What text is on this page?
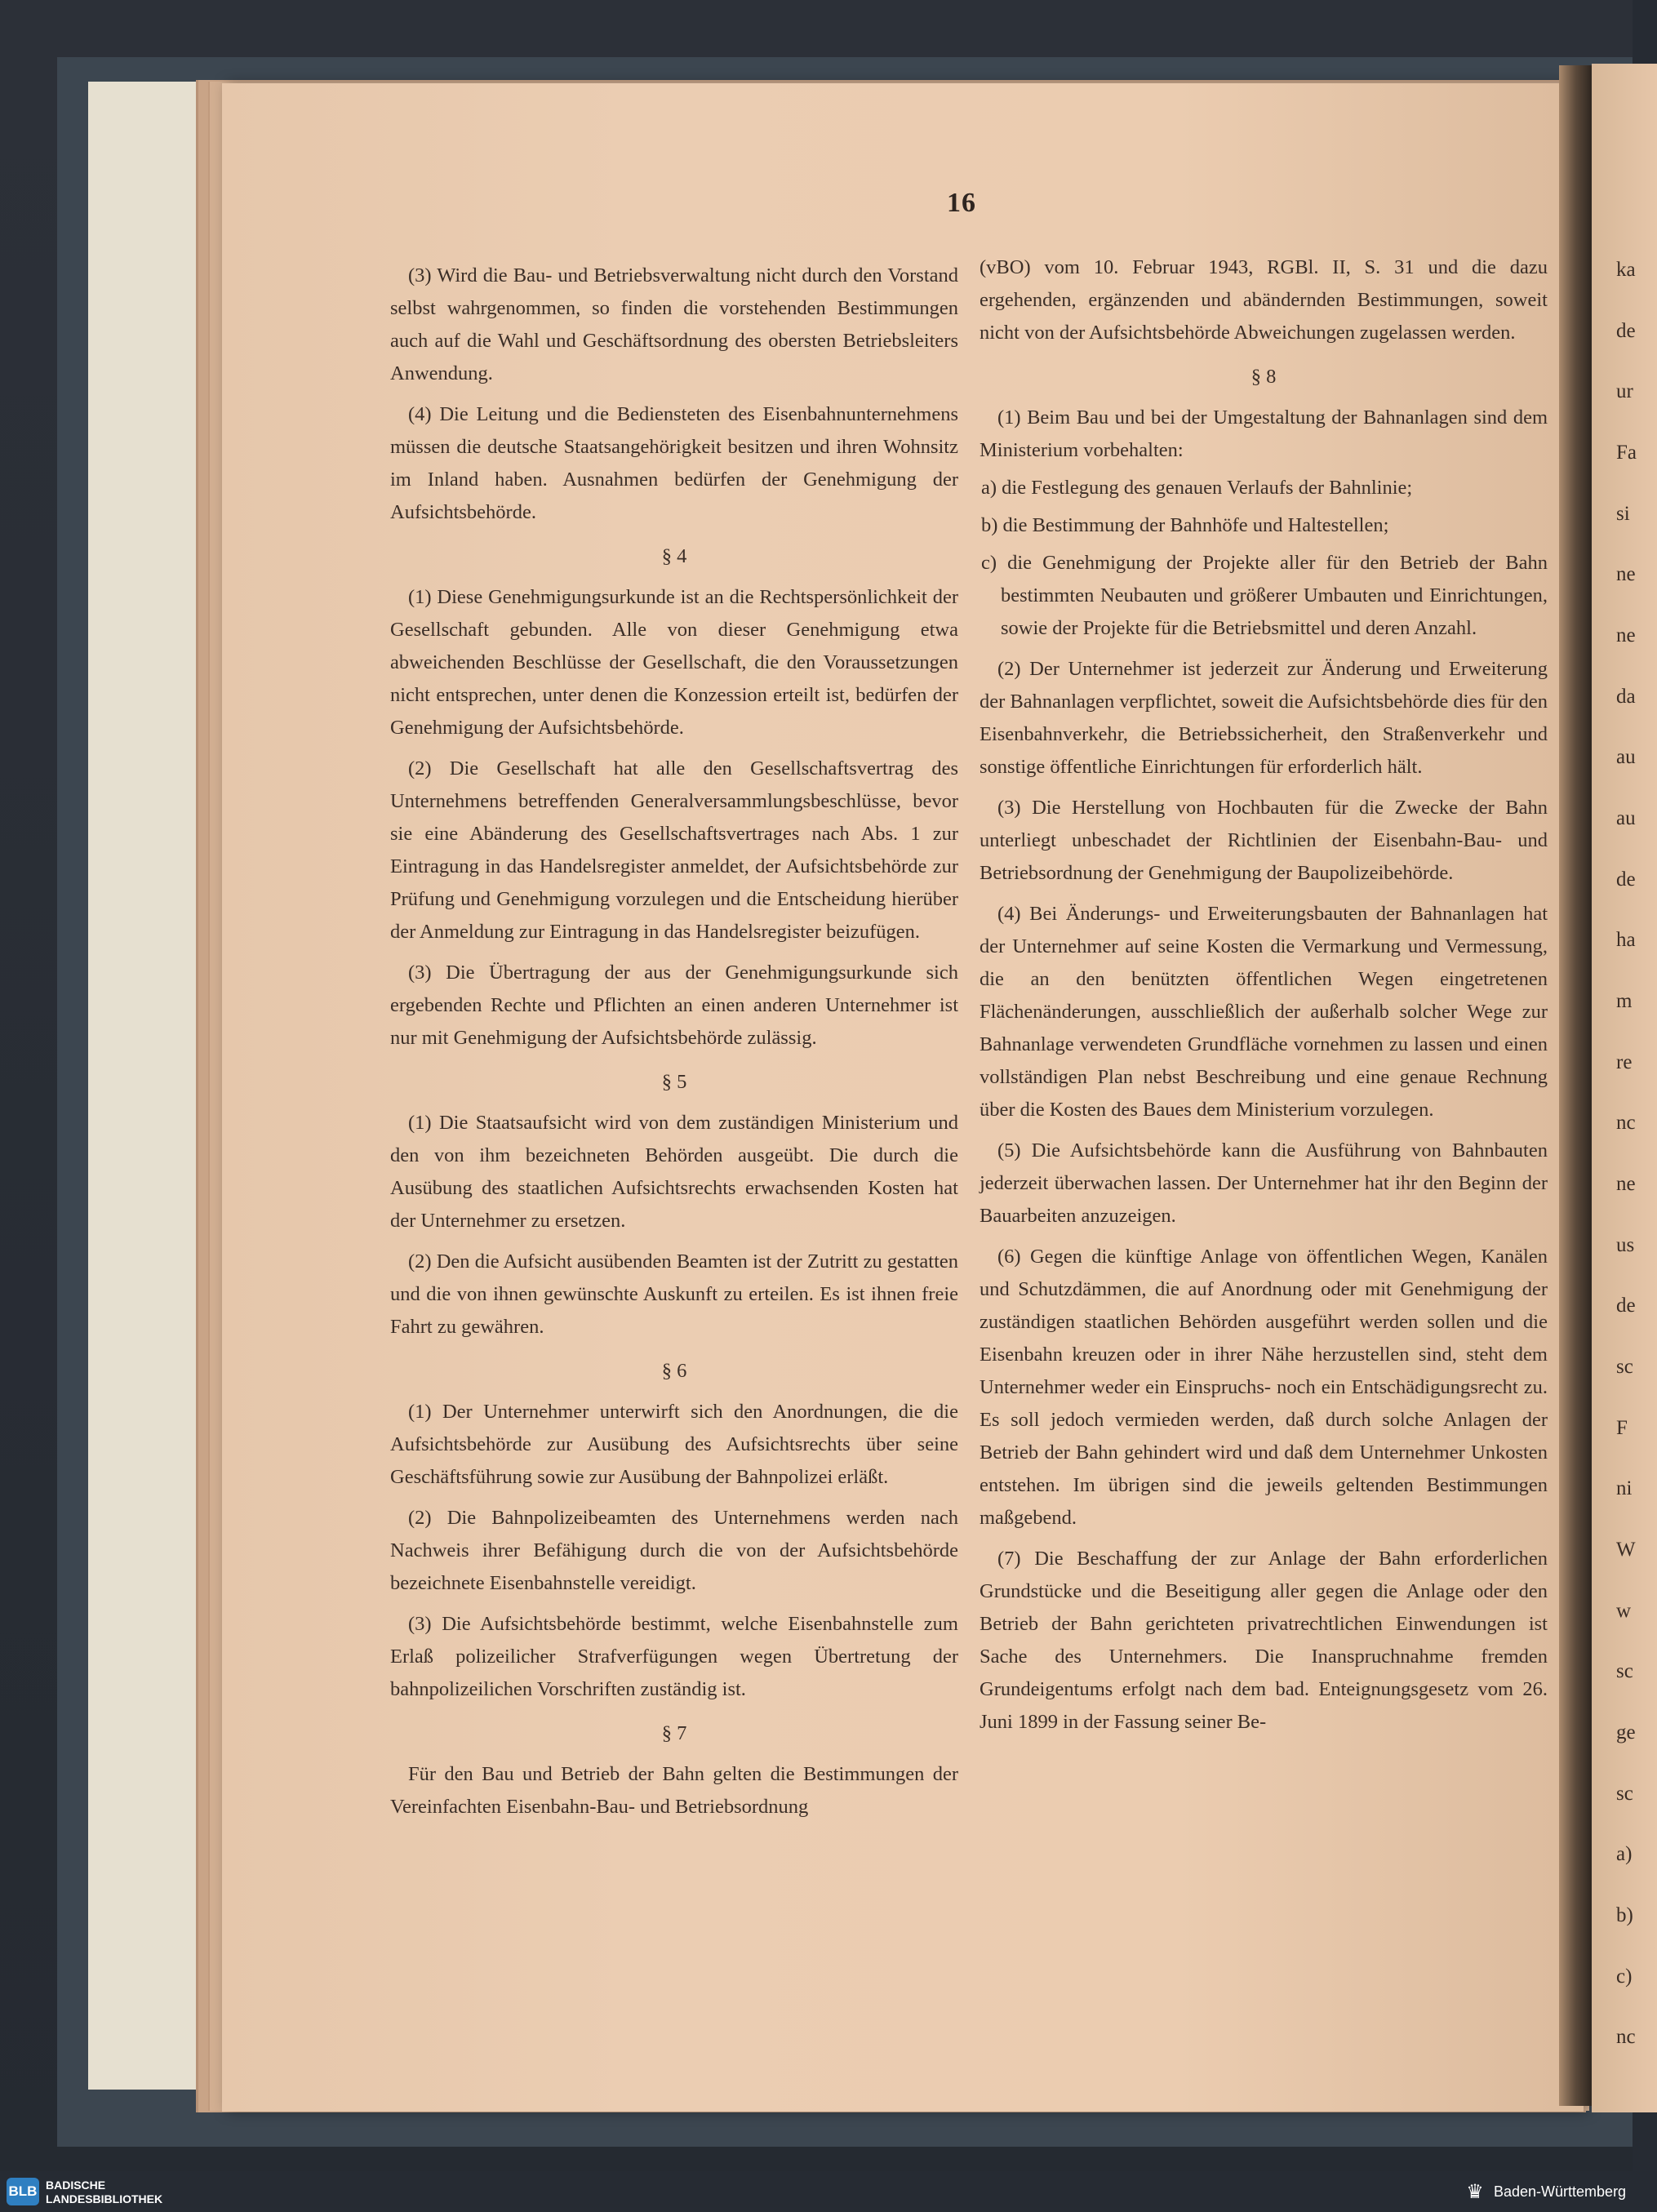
ka
de
ur
Fa
si
ne
ne
da
au
au
de
ha
m
re
nc
ne
us
de
sc
F
ni
W
w
sc
ge
sc
a)
b)
c)
nc
16

(3) Wird die Bau- und Betriebsverwaltung nicht durch den Vorstand selbst wahrgenommen, so finden die vorstehenden Bestimmungen auch auf die Wahl und Geschäftsordnung des obersten Betriebsleiters Anwendung.

(4) Die Leitung und die Bediensteten des Eisenbahnunternehmens müssen die deutsche Staatsangehörigkeit besitzen und ihren Wohnsitz im Inland haben. Ausnahmen bedürfen der Genehmigung der Aufsichtsbehörde.

§ 4

(1) Diese Genehmigungsurkunde ist an die Rechtspersönlichkeit der Gesellschaft gebunden. Alle von dieser Genehmigung etwa abweichenden Beschlüsse der Gesellschaft, die den Voraussetzungen nicht entsprechen, unter denen die Konzession erteilt ist, bedürfen der Genehmigung der Aufsichtsbehörde.

(2) Die Gesellschaft hat alle den Gesellschaftsvertrag des Unternehmens betreffenden Generalversammlungsbeschlüsse, bevor sie eine Abänderung des Gesellschaftsvertrages nach Abs. 1 zur Eintragung in das Handelsregister anmeldet, der Aufsichtsbehörde zur Prüfung und Genehmigung vorzulegen und die Entscheidung hierüber der Anmeldung zur Eintragung in das Handelsregister beizufügen.

(3) Die Übertragung der aus der Genehmigungsurkunde sich ergebenden Rechte und Pflichten an einen anderen Unternehmer ist nur mit Genehmigung der Aufsichtsbehörde zulässig.

§ 5

(1) Die Staatsaufsicht wird von dem zuständigen Ministerium und den von ihm bezeichneten Behörden ausgeübt. Die durch die Ausübung des staatlichen Aufsichtsrechts erwachsenden Kosten hat der Unternehmer zu ersetzen.

(2) Den die Aufsicht ausübenden Beamten ist der Zutritt zu gestatten und die von ihnen gewünschte Auskunft zu erteilen. Es ist ihnen freie Fahrt zu gewähren.

§ 6

(1) Der Unternehmer unterwirft sich den Anordnungen, die die Aufsichtsbehörde zur Ausübung des Aufsichtsrechts über seine Geschäftsführung sowie zur Ausübung der Bahnpolizei erläßt.

(2) Die Bahnpolizeibeamten des Unternehmens werden nach Nachweis ihrer Befähigung durch die von der Aufsichtsbehörde bezeichnete Eisenbahnstelle vereidigt.

(3) Die Aufsichtsbehörde bestimmt, welche Eisenbahnstelle zum Erlaß polizeilicher Strafverfügungen wegen Übertretung der bahnpolizeilichen Vorschriften zuständig ist.

§ 7

Für den Bau und Betrieb der Bahn gelten die Bestimmungen der Vereinfachten Eisenbahn-Bau- und Betriebsordnung

(vBO) vom 10. Februar 1943, RGBl. II, S. 31 und die dazu ergehenden, ergänzenden und abändernden Bestimmungen, soweit nicht von der Aufsichtsbehörde Abweichungen zugelassen werden.

§ 8

(1) Beim Bau und bei der Umgestaltung der Bahnanlagen sind dem Ministerium vorbehalten:

a) die Festlegung des genauen Verlaufs der Bahnlinie;

b) die Bestimmung der Bahnhöfe und Haltestellen;

c) die Genehmigung der Projekte aller für den Betrieb der Bahn bestimmten Neubauten und größerer Umbauten und Einrichtungen, sowie der Projekte für die Betriebsmittel und deren Anzahl.

(2) Der Unternehmer ist jederzeit zur Änderung und Erweiterung der Bahnanlagen verpflichtet, soweit die Aufsichtsbehörde dies für den Eisenbahnverkehr, die Betriebssicherheit, den Straßenverkehr und sonstige öffentliche Einrichtungen für erforderlich hält.

(3) Die Herstellung von Hochbauten für die Zwecke der Bahn unterliegt unbeschadet der Richtlinien der Eisenbahn-Bau- und Betriebsordnung der Genehmigung der Baupolizeibehörde.

(4) Bei Änderungs- und Erweiterungsbauten der Bahnanlagen hat der Unternehmer auf seine Kosten die Vermarkung und Vermessung, die an den benützten öffentlichen Wegen eingetretenen Flächenänderungen, ausschließlich der außerhalb solcher Wege zur Bahnanlage verwendeten Grundfläche vornehmen zu lassen und einen vollständigen Plan nebst Beschreibung und eine genaue Rechnung über die Kosten des Baues dem Ministerium vorzulegen.

(5) Die Aufsichtsbehörde kann die Ausführung von Bahnbauten jederzeit überwachen lassen. Der Unternehmer hat ihr den Beginn der Bauarbeiten anzuzeigen.

(6) Gegen die künftige Anlage von öffentlichen Wegen, Kanälen und Schutzdämmen, die auf Anordnung oder mit Genehmigung der zuständigen staatlichen Behörden ausgeführt werden sollen und die Eisenbahn kreuzen oder in ihrer Nähe herzustellen sind, steht dem Unternehmer weder ein Einspruchs- noch ein Entschädigungsrecht zu. Es soll jedoch vermieden werden, daß durch solche Anlagen der Betrieb der Bahn gehindert wird und daß dem Unternehmer Unkosten entstehen. Im übrigen sind die jeweils geltenden Bestimmungen maßgebend.

(7) Die Beschaffung der zur Anlage der Bahn erforderlichen Grundstücke und die Beseitigung aller gegen die Anlage oder den Betrieb der Bahn gerichteten privatrechtlichen Einwendungen ist Sache des Unternehmers. Die Inanspruchnahme fremden Grundeigentums erfolgt nach dem bad. Enteignungsgesetz vom 26. Juni 1899 in der Fassung seiner Be-

BLB BADISCHE
LANDESBIBLIOTHEK	♛ Baden-Württemberg
